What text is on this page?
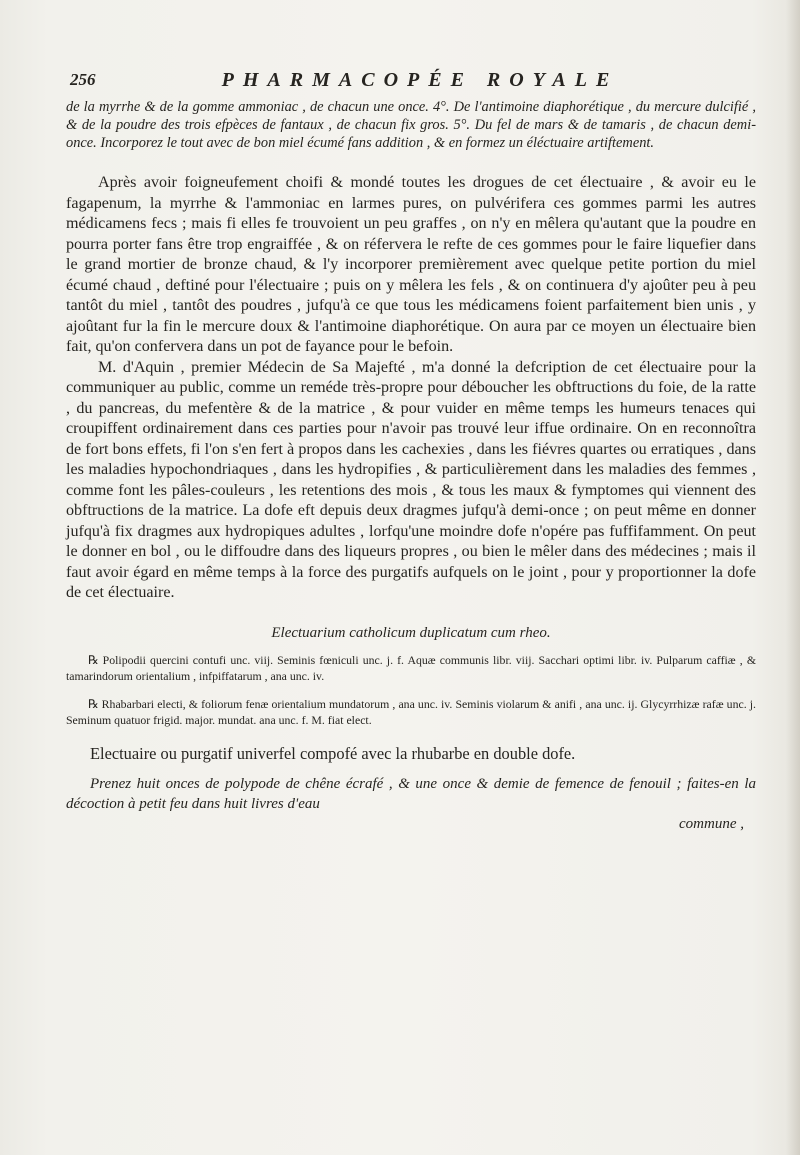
256	PHARMACOPÉE ROYALE

de la myrrhe & de la gomme ammoniac , de chacun une once. 4°. De l'antimoine diaphorétique , du mercure dulcifié , & de la poudre des trois efpèces de fantaux , de chacun fix gros. 5°. Du fel de mars & de tamaris , de chacun demi-once. Incorporez le tout avec de bon miel écumé fans addition , & en formez un éléctuaire artiftement.

Après avoir foigneufement choifi & mondé toutes les drogues de cet électuaire , & avoir eu le fagapenum, la myrrhe & l'ammoniac en larmes pures, on pulvérifera ces gommes parmi les autres médicamens fecs ; mais fi elles fe trouvoient un peu graffes , on n'y en mêlera qu'autant que la poudre en pourra porter fans être trop engraiffée , & on réfervera le refte de ces gommes pour le faire liquefier dans le grand mortier de bronze chaud, & l'y incorporer premièrement avec quelque petite portion du miel écumé chaud , deftiné pour l'électuaire ; puis on y mêlera les fels , & on continuera d'y ajoûter peu à peu tantôt du miel , tantôt des poudres , jufqu'à ce que tous les médicamens foient parfaitement bien unis , y ajoûtant fur la fin le mercure doux & l'antimoine diaphorétique. On aura par ce moyen un électuaire bien fait, qu'on confervera dans un pot de fayance pour le befoin.

M. d'Aquin , premier Médecin de Sa Majefté , m'a donné la defcription de cet électuaire pour la communiquer au public, comme un reméde très-propre pour déboucher les obftructions du foie, de la ratte , du pancreas, du mefentère & de la matrice , & pour vuider en même temps les humeurs tenaces qui croupiffent ordinairement dans ces parties pour n'avoir pas trouvé leur iffue ordinaire. On en reconnoîtra de fort bons effets, fi l'on s'en fert à propos dans les cachexies , dans les fiévres quartes ou erratiques , dans les maladies hypochondriaques , dans les hydropifies , & particulièrement dans les maladies des femmes , comme font les pâles-couleurs , les retentions des mois , & tous les maux & fymptomes qui viennent des obftructions de la matrice. La dofe eft depuis deux dragmes jufqu'à demi-once ; on peut même en donner jufqu'à fix dragmes aux hydropiques adultes , lorfqu'une moindre dofe n'opére pas fuffifamment. On peut le donner en bol , ou le diffoudre dans des liqueurs propres , ou bien le mêler dans des médecines ; mais il faut avoir égard en même temps à la force des purgatifs aufquels on le joint , pour y proportionner la dofe de cet électuaire.

Electuarium catholicum duplicatum cum rheo.

℞ Polipodii quercini contufi unc. viij. Seminis fœniculi unc. j. f. Aquæ communis libr. viij. Sacchari optimi libr. iv. Pulparum caffiæ , & tamarindorum orientalium , infpiffatarum , ana unc. iv.

℞ Rhabarbari electi, & foliorum fenæ orientalium mundatorum , ana unc. iv. Seminis violarum & anifi , ana unc. ij. Glycyrrhizæ rafæ unc. j. Seminum quatuor frigid. major. mundat. ana unc. f. M. fiat elect.

Electuaire ou purgatif univerfel compofé avec la rhubarbe en double dofe.

Prenez huit onces de polypode de chêne écrafé , & une once & demie de femence de fenouil ; faites-en la décoction à petit feu dans huit livres d'eau

commune ,
